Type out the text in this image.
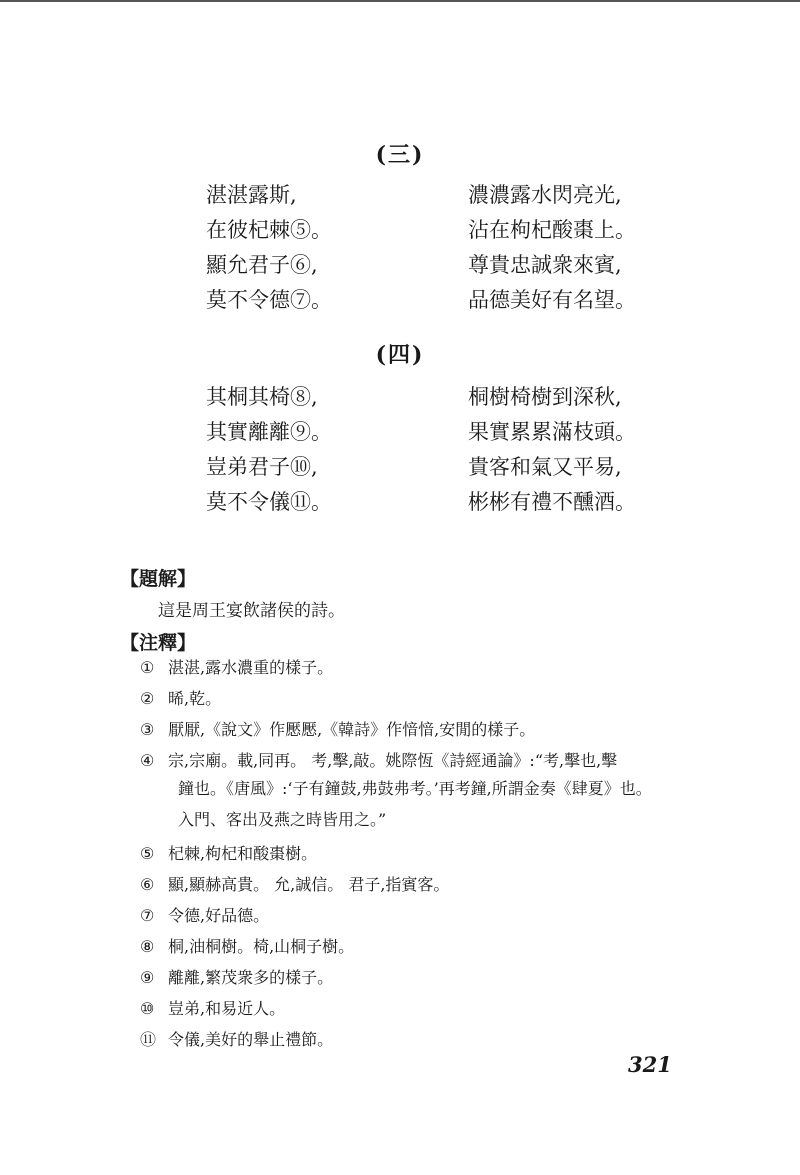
(三)
湛湛露斯,	濃濃露水閃亮光,
在彼杞棘⑤。	沾在枸杞酸棗上。
顯允君子⑥,	尊貴忠誠衆來賓,
莫不令德⑦。	品德美好有名望。
(四)
其桐其椅⑧,	桐樹椅樹到深秋,
其實離離⑨。	果實累累滿枝頭。
豈弟君子⑩,	貴客和氣又平易,
莫不令儀⑪。	彬彬有禮不醺酒。
【題解】
這是周王宴飲諸侯的詩。
【注釋】
① 湛湛,露水濃重的樣子。
② 晞,乾。
③ 厭厭,《說文》作懕懕,《韓詩》作愔愔,安閒的樣子。
④ 宗,宗廟。載,同再。 考,擊,敲。姚際恆《詩經通論》:“考,擊也,擊
鐘也。《唐風》:‘子有鐘鼓,弗鼓弗考。’再考鐘,所謂金奏《肆夏》也。
入門、客出及燕之時皆用之。”
⑤ 杞棘,枸杞和酸棗樹。
⑥ 顯,顯赫高貴。 允,誠信。 君子,指賓客。
⑦ 令德,好品德。
⑧ 桐,油桐樹。椅,山桐子樹。
⑨ 離離,繁茂衆多的樣子。
⑩ 豈弟,和易近人。
⑪ 令儀,美好的舉止禮節。
321
